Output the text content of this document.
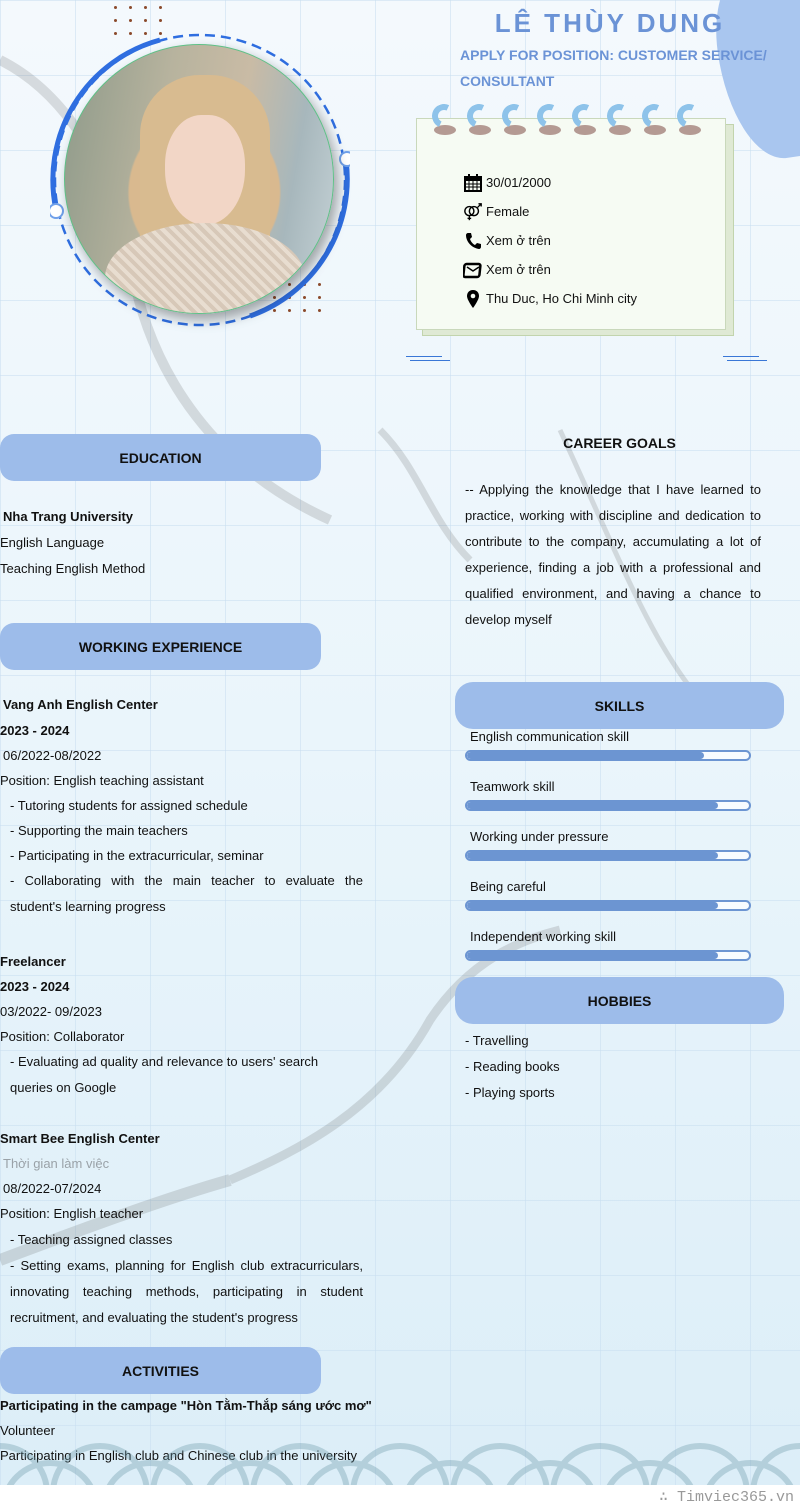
LÊ THÙY DUNG
APPLY FOR POSITION: CUSTOMER SERVICE/ CONSULTANT
30/01/2000
Female
Xem ở trên
Xem ở trên
Thu Duc, Ho Chi Minh city
EDUCATION
Nha Trang University
English Language
Teaching English Method
WORKING EXPERIENCE
Vang Anh English Center
2023 - 2024
06/2022-08/2022
Position: English teaching assistant
- Tutoring students for assigned schedule
- Supporting the main teachers
- Participating in the extracurricular, seminar
- Collaborating with the main teacher to evaluate the student's learning progress
Freelancer
2023 - 2024
03/2022- 09/2023
Position: Collaborator
- Evaluating ad quality and relevance to users' search queries on Google
Smart Bee English Center
Thời gian làm việc
08/2022-07/2024
Position: English teacher
- Teaching assigned classes
- Setting exams, planning for English club extracurriculars, innovating teaching methods, participating in student recruitment, and evaluating the student's progress
ACTIVITIES
Participating in the campage "Hòn Tằm-Thắp sáng ước mơ"
Volunteer
Participating in English club and Chinese club in the university
CAREER GOALS
-- Applying the knowledge that I have learned to practice, working with discipline and dedication to contribute to the company, accumulating a lot of experience, finding a job with a professional and qualified environment, and having a chance to develop myself
SKILLS
English communication skill
Teamwork skill
Working under pressure
Being careful
Independent working skill
HOBBIES
- Travelling
- Reading books
- Playing sports
∴ Timviec365.vn
